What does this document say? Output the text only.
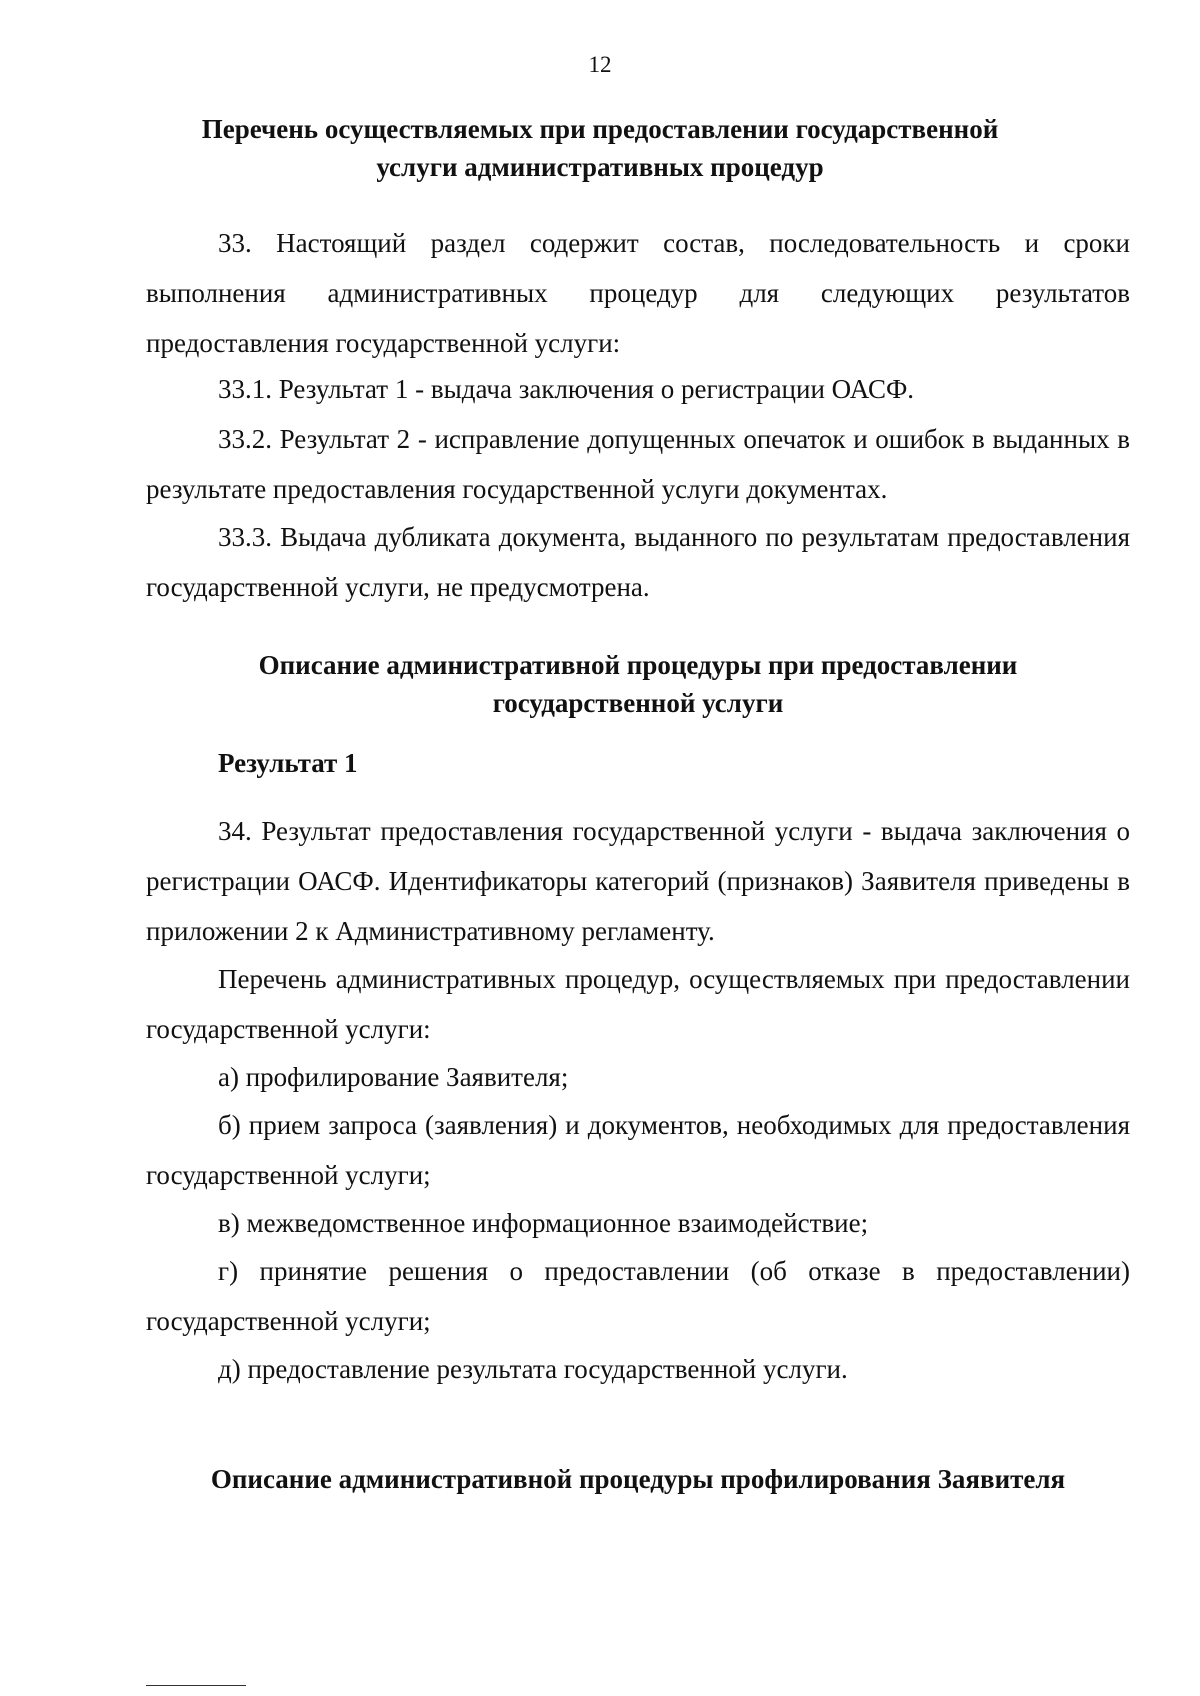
12
Перечень осуществляемых при предоставлении государственной
услуги административных процедур

33. Настоящий раздел содержит состав, последовательность и сроки выполнения административных процедур для следующих результатов предоставления государственной услуги:

33.1. Результат 1 - выдача заключения о регистрации ОАСФ.

33.2. Результат 2 - исправление допущенных опечаток и ошибок в выданных в результате предоставления государственной услуги документах.

33.3. Выдача дубликата документа, выданного по результатам предоставления государственной услуги, не предусмотрена.

Описание административной процедуры при предоставлении
государственной услуги
Результат 1

34. Результат предоставления государственной услуги - выдача заключения о регистрации ОАСФ. Идентификаторы категорий (признаков) Заявителя приведены в приложении 2 к Административному регламенту.

Перечень административных процедур, осуществляемых при предоставлении государственной услуги:

а) профилирование Заявителя;

б) прием запроса (заявления) и документов, необходимых для предоставления государственной услуги;

в) межведомственное информационное взаимодействие;

г) принятие решения о предоставлении (об отказе в предоставлении) государственной услуги;

д) предоставление результата государственной услуги.

Описание административной процедуры профилирования Заявителя
